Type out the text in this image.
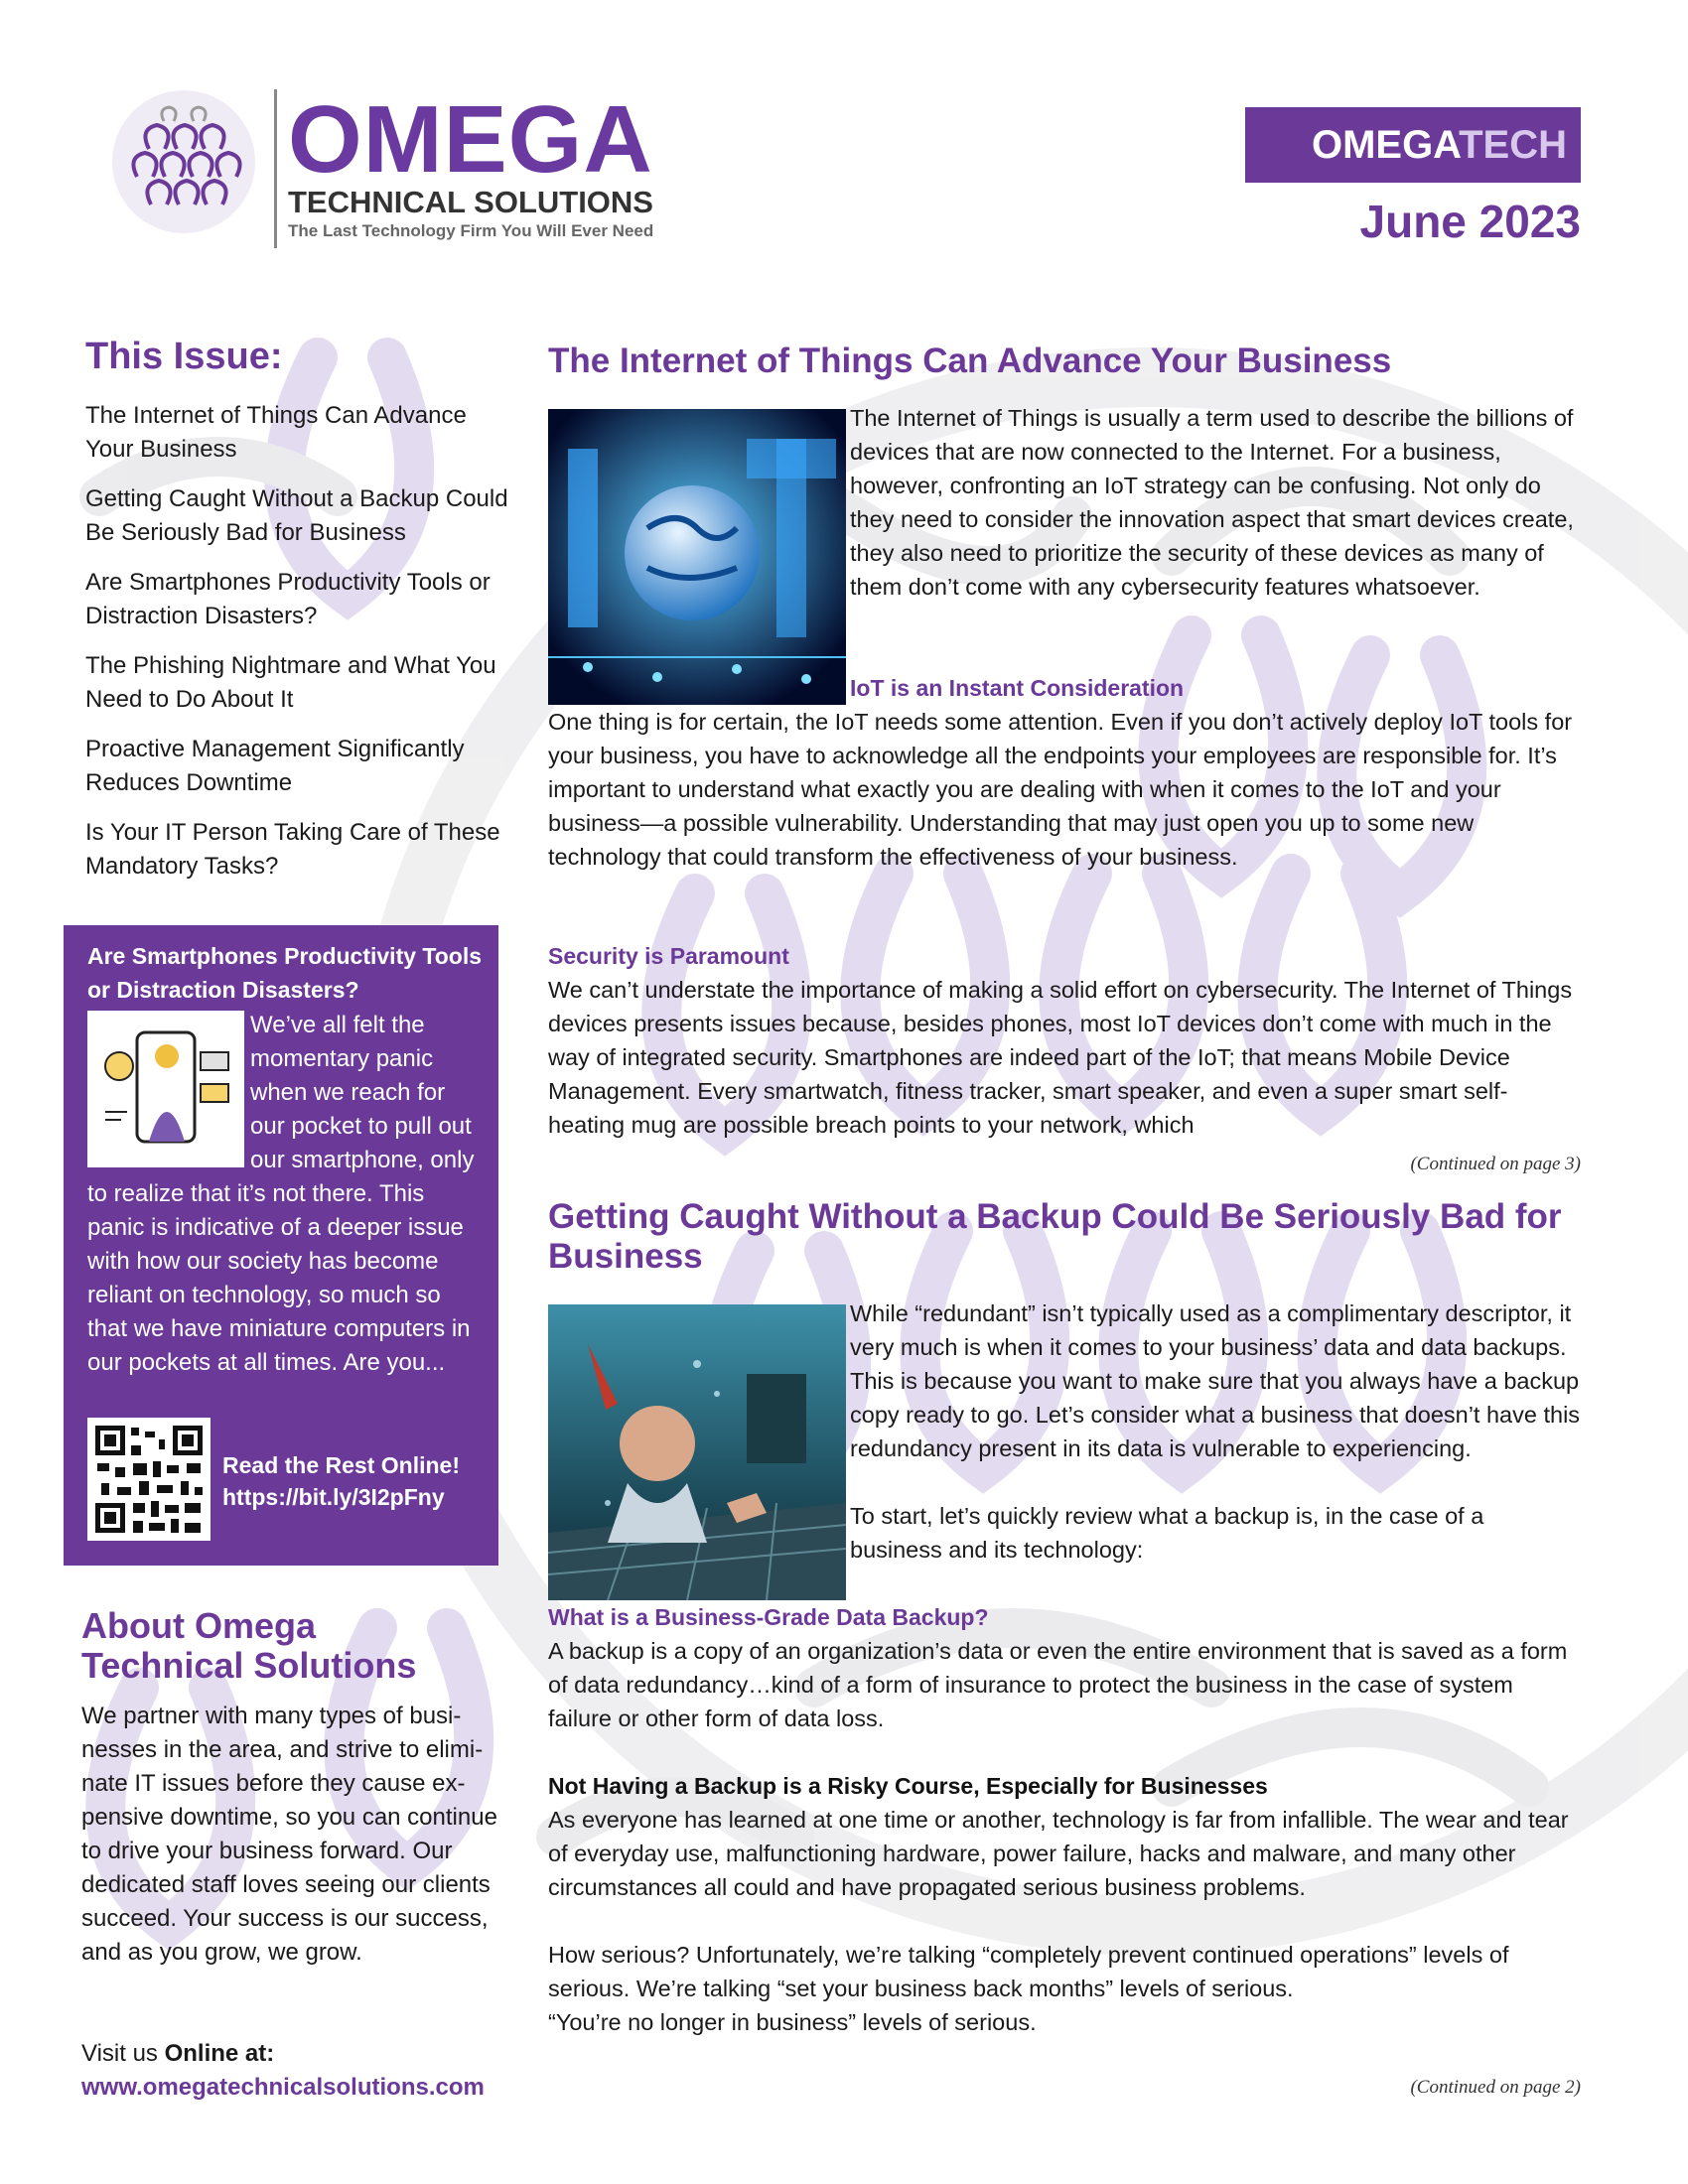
OMEGA
TECHNICAL SOLUTIONS
The Last Technology Firm You Will Ever Need
OMEGATECH
June 2023
This Issue:
The Internet of Things Can Advance Your Business
Getting Caught Without a Backup Could Be Seriously Bad for Business
Are Smartphones Productivity Tools or Distraction Disasters?
The Phishing Nightmare and What You Need to Do About It
Proactive Management Significantly Reduces Downtime
Is Your IT Person Taking Care of These Mandatory Tasks?
Are Smartphones Productivity Tools or Distraction Disasters?
We’ve all felt the momentary panic when we reach for our pocket to pull out our smartphone, only to realize that it’s not there. This panic is indicative of a deeper issue with how our society has become reliant on technology, so much so that we have miniature computers in our pockets at all times. Are you...
Read the Rest Online!
https://bit.ly/3I2pFny
About Omega
Technical Solutions
We partner with many types of businesses in the area, and strive to eliminate IT issues before they cause expensive downtime, so you can continue to drive your business forward. Our dedicated staff loves seeing our clients succeed. Your success is our success, and as you grow, we grow.
Visit us Online at:
www.omegatechnicalsolutions.com
The Internet of Things Can Advance Your Business
The Internet of Things is usually a term used to describe the billions of devices that are now connected to the Internet. For a business, however, confronting an IoT strategy can be confusing. Not only do they need to consider the innovation aspect that smart devices create, they also need to prioritize the security of these devices as many of them don’t come with any cybersecurity features whatsoever.
IoT is an Instant Consideration
One thing is for certain, the IoT needs some attention. Even if you don’t actively deploy IoT tools for your business, you have to acknowledge all the endpoints your employees are responsible for. It’s important to understand what exactly you are dealing with when it comes to the IoT and your business—a possible vulnerability. Understanding that may just open you up to some new technology that could transform the effectiveness of your business.
Security is Paramount
We can’t understate the importance of making a solid effort on cybersecurity. The Internet of Things devices presents issues because, besides phones, most IoT devices don’t come with much in the way of integrated security. Smartphones are indeed part of the IoT; that means Mobile Device Management. Every smartwatch, fitness tracker, smart speaker, and even a super smart self-heating mug are possible breach points to your network, which
(Continued on page 3)
Getting Caught Without a Backup Could Be Seriously Bad for Business
While “redundant” isn’t typically used as a complimentary descriptor, it very much is when it comes to your business’ data and data backups. This is because you want to make sure that you always have a backup copy ready to go. Let’s consider what a business that doesn’t have this redundancy present in its data is vulnerable to experiencing.
To start, let’s quickly review what a backup is, in the case of a business and its technology:
What is a Business-Grade Data Backup?
A backup is a copy of an organization’s data or even the entire environment that is saved as a form of data redundancy…kind of a form of insurance to protect the business in the case of system failure or other form of data loss.
Not Having a Backup is a Risky Course, Especially for Businesses
As everyone has learned at one time or another, technology is far from infallible. The wear and tear of everyday use, malfunctioning hardware, power failure, hacks and malware, and many other circumstances all could and have propagated serious business problems.
How serious? Unfortunately, we’re talking “completely prevent continued operations” levels of serious. We’re talking “set your business back months” levels of serious.
“You’re no longer in business” levels of serious.
(Continued on page 2)
